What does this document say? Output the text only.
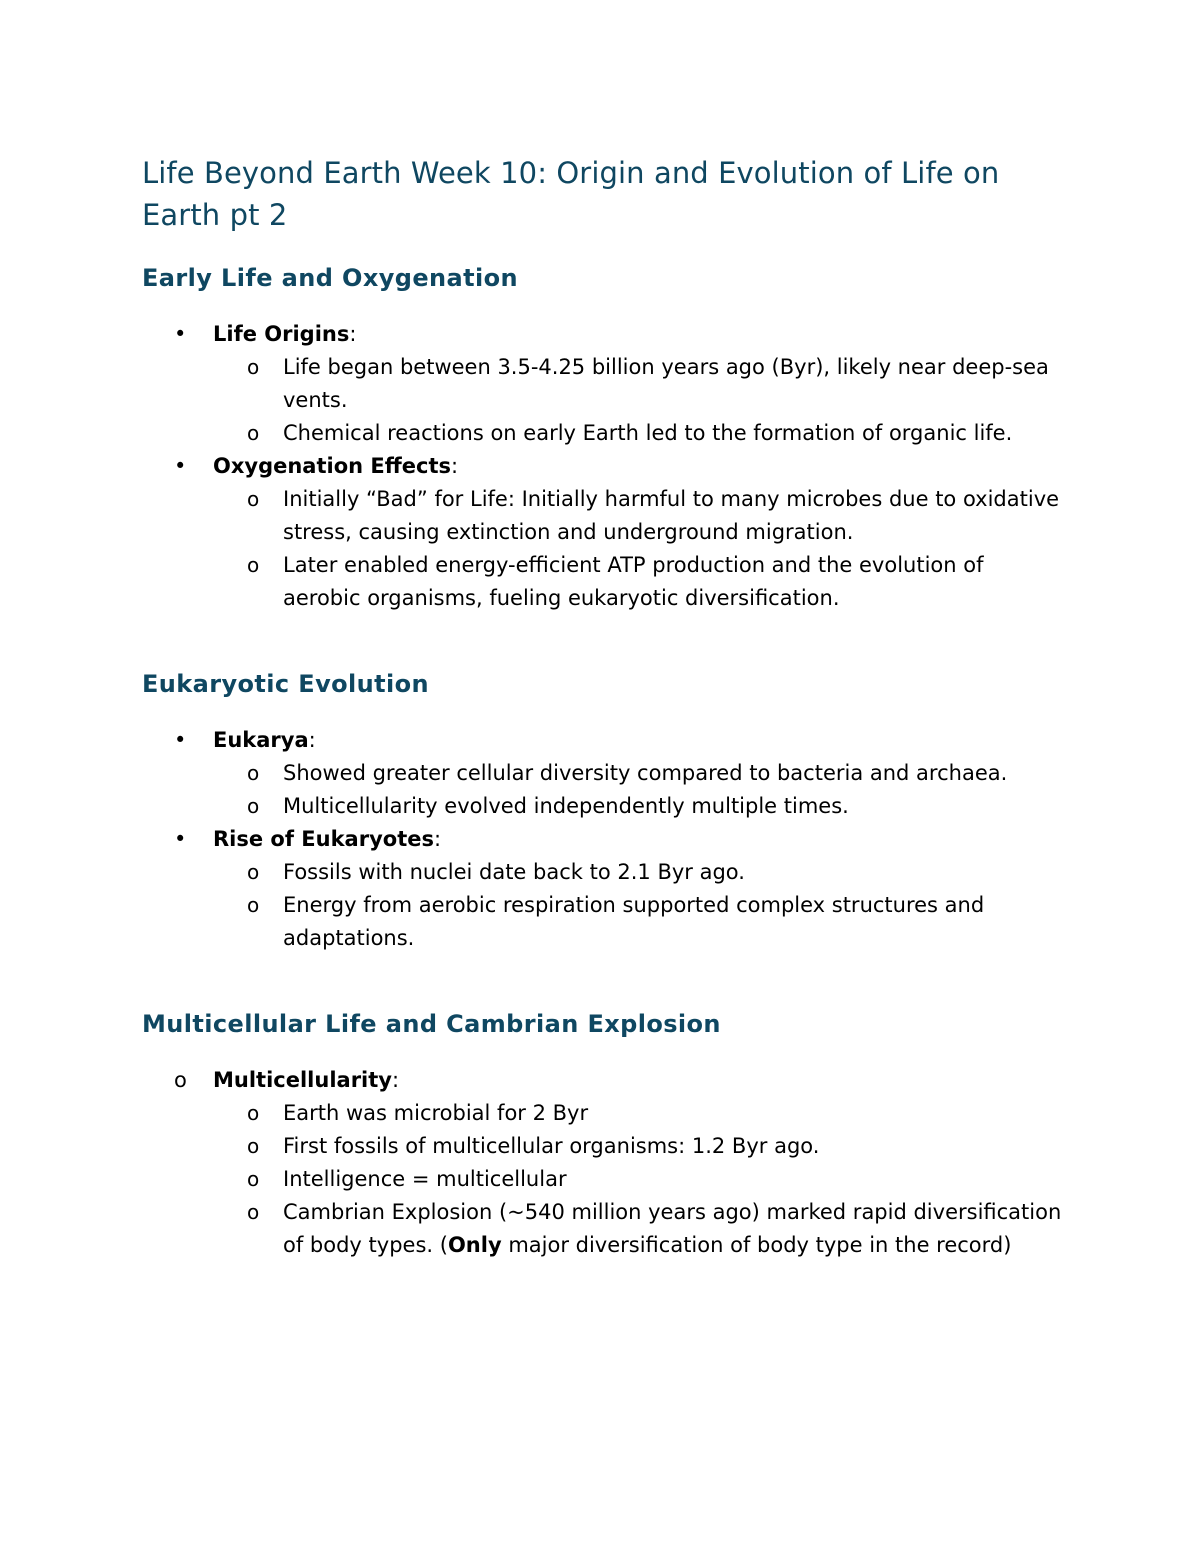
Life Beyond Earth Week 10: Origin and Evolution of Life on Earth pt 2
Early Life and Oxygenation
•	Life Origins:
o	Life began between 3.5-4.25 billion years ago (Byr), likely near deep-sea vents.
o	Chemical reactions on early Earth led to the formation of organic life.
•	Oxygenation Effects:
o	Initially “Bad” for Life: Initially harmful to many microbes due to oxidative stress, causing extinction and underground migration.
o	Later enabled energy-efficient ATP production and the evolution of aerobic organisms, fueling eukaryotic diversification.
Eukaryotic Evolution
•	Eukarya:
o	Showed greater cellular diversity compared to bacteria and archaea.
o	Multicellularity evolved independently multiple times.
•	Rise of Eukaryotes:
o	Fossils with nuclei date back to 2.1 Byr ago.
o	Energy from aerobic respiration supported complex structures and adaptations.
Multicellular Life and Cambrian Explosion
o	Multicellularity:
o	Earth was microbial for 2 Byr
o	First fossils of multicellular organisms: 1.2 Byr ago.
o	Intelligence = multicellular
o	Cambrian Explosion (~540 million years ago) marked rapid diversification of body types. (Only major diversification of body type in the record)
